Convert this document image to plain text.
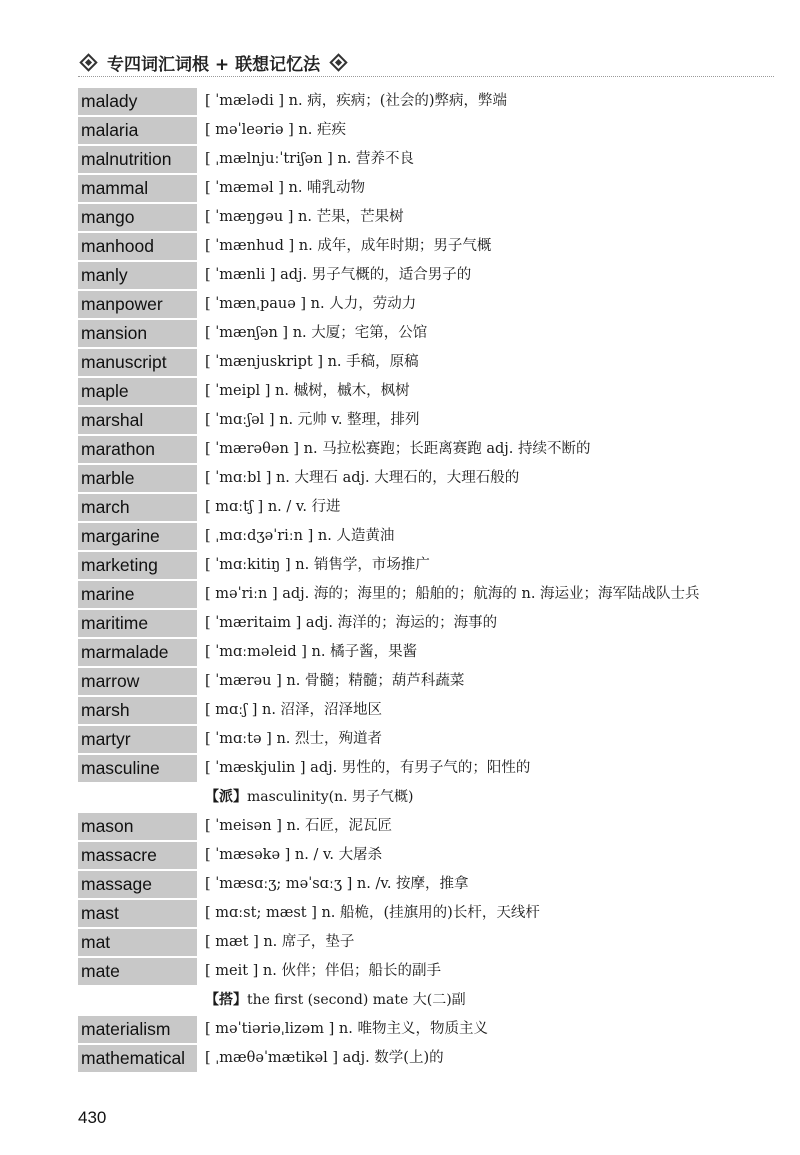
专四词汇词根 + 联想记忆法
malady	[ ˈmælədi ] n. 病，疾病；(社会的)弊病，弊端
malaria	[ məˈleəriə ] n. 疟疾
malnutrition	[ ˌmælnjuːˈtriʃən ] n. 营养不良
mammal	[ ˈmæməl ] n. 哺乳动物
mango	[ ˈmæŋgəu ] n. 芒果，芒果树
manhood	[ ˈmænhud ] n. 成年，成年时期；男子气概
manly	[ ˈmænli ] adj. 男子气概的，适合男子的
manpower	[ ˈmænˌpauə ] n. 人力，劳动力
mansion	[ ˈmænʃən ] n. 大厦；宅第，公馆
manuscript	[ ˈmænjuskript ] n. 手稿，原稿
maple	[ ˈmeipl ] n. 槭树，槭木，枫树
marshal	[ ˈmɑːʃəl ] n. 元帅 v. 整理，排列
marathon	[ ˈmærəθən ] n. 马拉松赛跑；长距离赛跑 adj. 持续不断的
marble	[ ˈmɑːbl ] n. 大理石 adj. 大理石的，大理石般的
march	[ mɑːtʃ ] n. / v. 行进
margarine	[ ˌmɑːdʒəˈriːn ] n. 人造黄油
marketing	[ ˈmɑːkitiŋ ] n. 销售学，市场推广
marine	[ məˈriːn ] adj. 海的；海里的；船舶的；航海的 n. 海运业；海军陆战队士兵
maritime	[ ˈmæritaim ] adj. 海洋的；海运的；海事的
marmalade	[ ˈmɑːməleid ] n. 橘子酱，果酱
marrow	[ ˈmærəu ] n. 骨髓；精髓；葫芦科蔬菜
marsh	[ mɑːʃ ] n. 沼泽，沼泽地区
martyr	[ ˈmɑːtə ] n. 烈士，殉道者
masculine	[ ˈmæskjulin ] adj. 男性的，有男子气的；阳性的
【派】masculinity(n. 男子气概)
mason	[ ˈmeisən ] n. 石匠，泥瓦匠
massacre	[ ˈmæsəkə ] n. / v. 大屠杀
massage	[ ˈmæsɑːʒ; məˈsɑːʒ ] n. /v. 按摩，推拿
mast	[ mɑːst; mæst ] n. 船桅，(挂旗用的)长杆，天线杆
mat	[ mæt ] n. 席子，垫子
mate	[ meit ] n. 伙伴；伴侣；船长的副手
【搭】the first (second) mate 大(二)副
materialism	[ məˈtiəriəˌlizəm ] n. 唯物主义，物质主义
mathematical	[ ˌmæθəˈmætikəl ] adj. 数学(上)的
430
